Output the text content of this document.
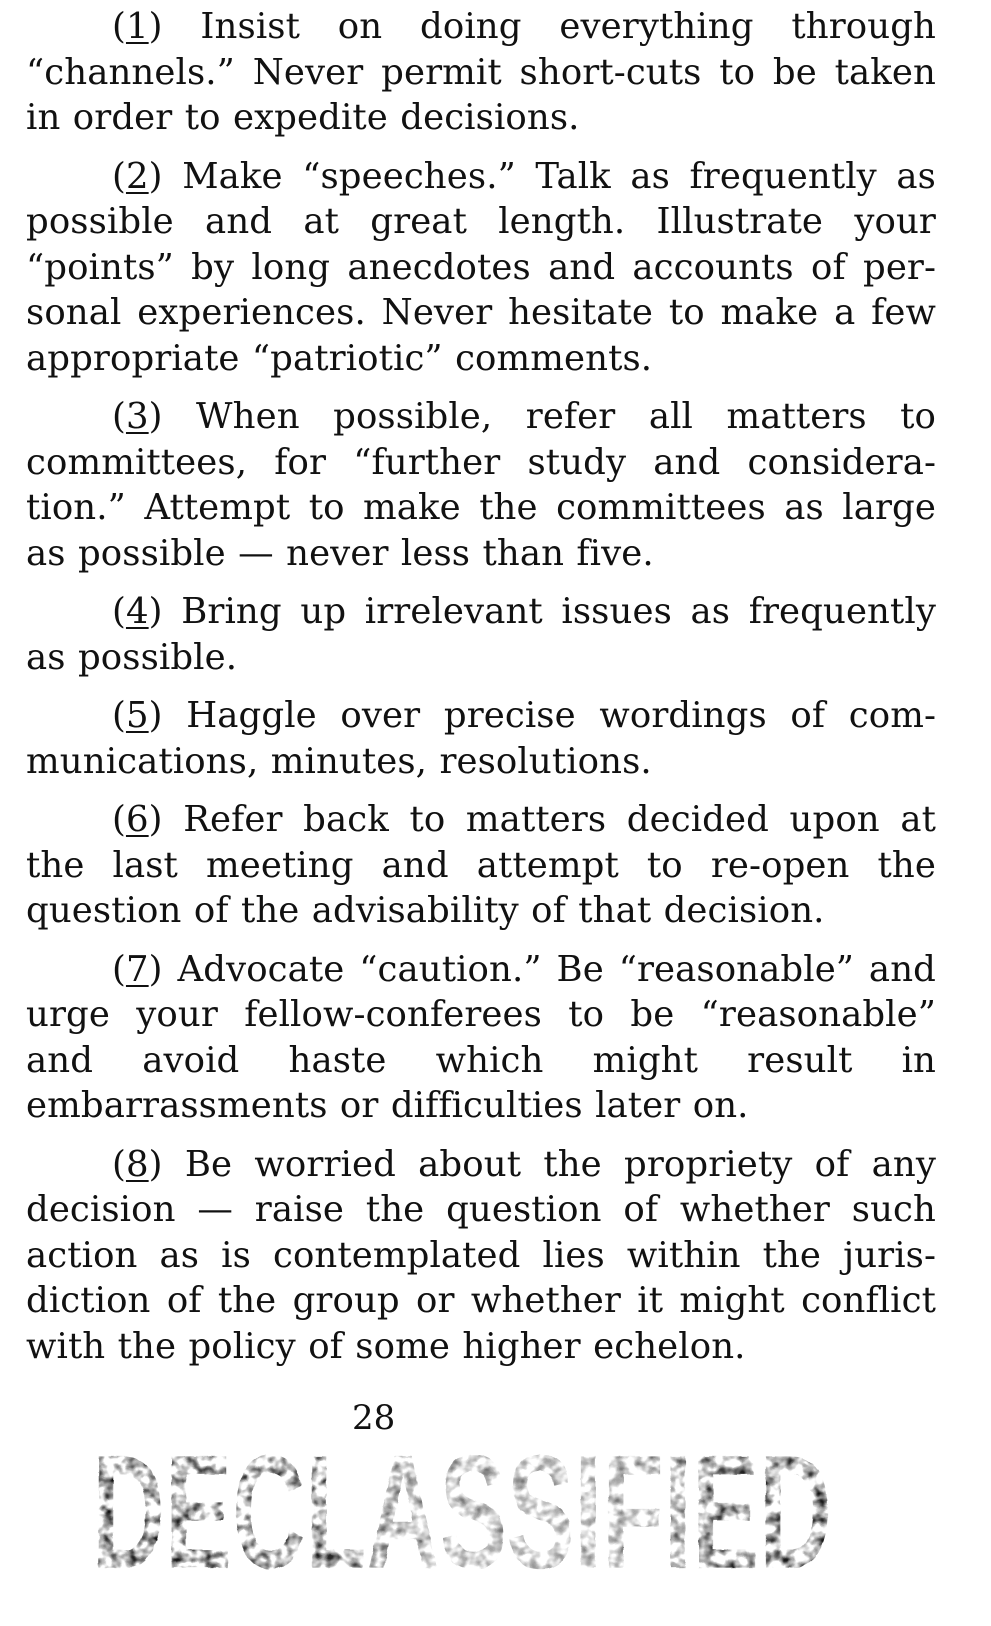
(1) Insist on doing everything through “channels.” Never permit short-cuts to be taken in order to expedite decisions.

(2) Make “speeches.” Talk as frequently as possible and at great length. Illustrate your “points” by long anecdotes and accounts of personal experiences. Never hesitate to make a few appropriate “patriotic” comments.

(3) When possible, refer all matters to committees, for “further study and consideration.” Attempt to make the committees as large as possible — never less than five.

(4) Bring up irrelevant issues as frequently as possible.

(5) Haggle over precise wordings of communications, minutes, resolutions.

(6) Refer back to matters decided upon at the last meeting and attempt to re-open the question of the advisability of that decision.

(7) Advocate “caution.” Be “reasonable” and urge your fellow-conferees to be “reasonable” and avoid haste which might result in embarrassments or difficulties later on.

(8) Be worried about the propriety of any decision — raise the question of whether such action as is contemplated lies within the jurisdiction of the group or whether it might conflict with the policy of some higher echelon.

28
DECLASSIFIED
